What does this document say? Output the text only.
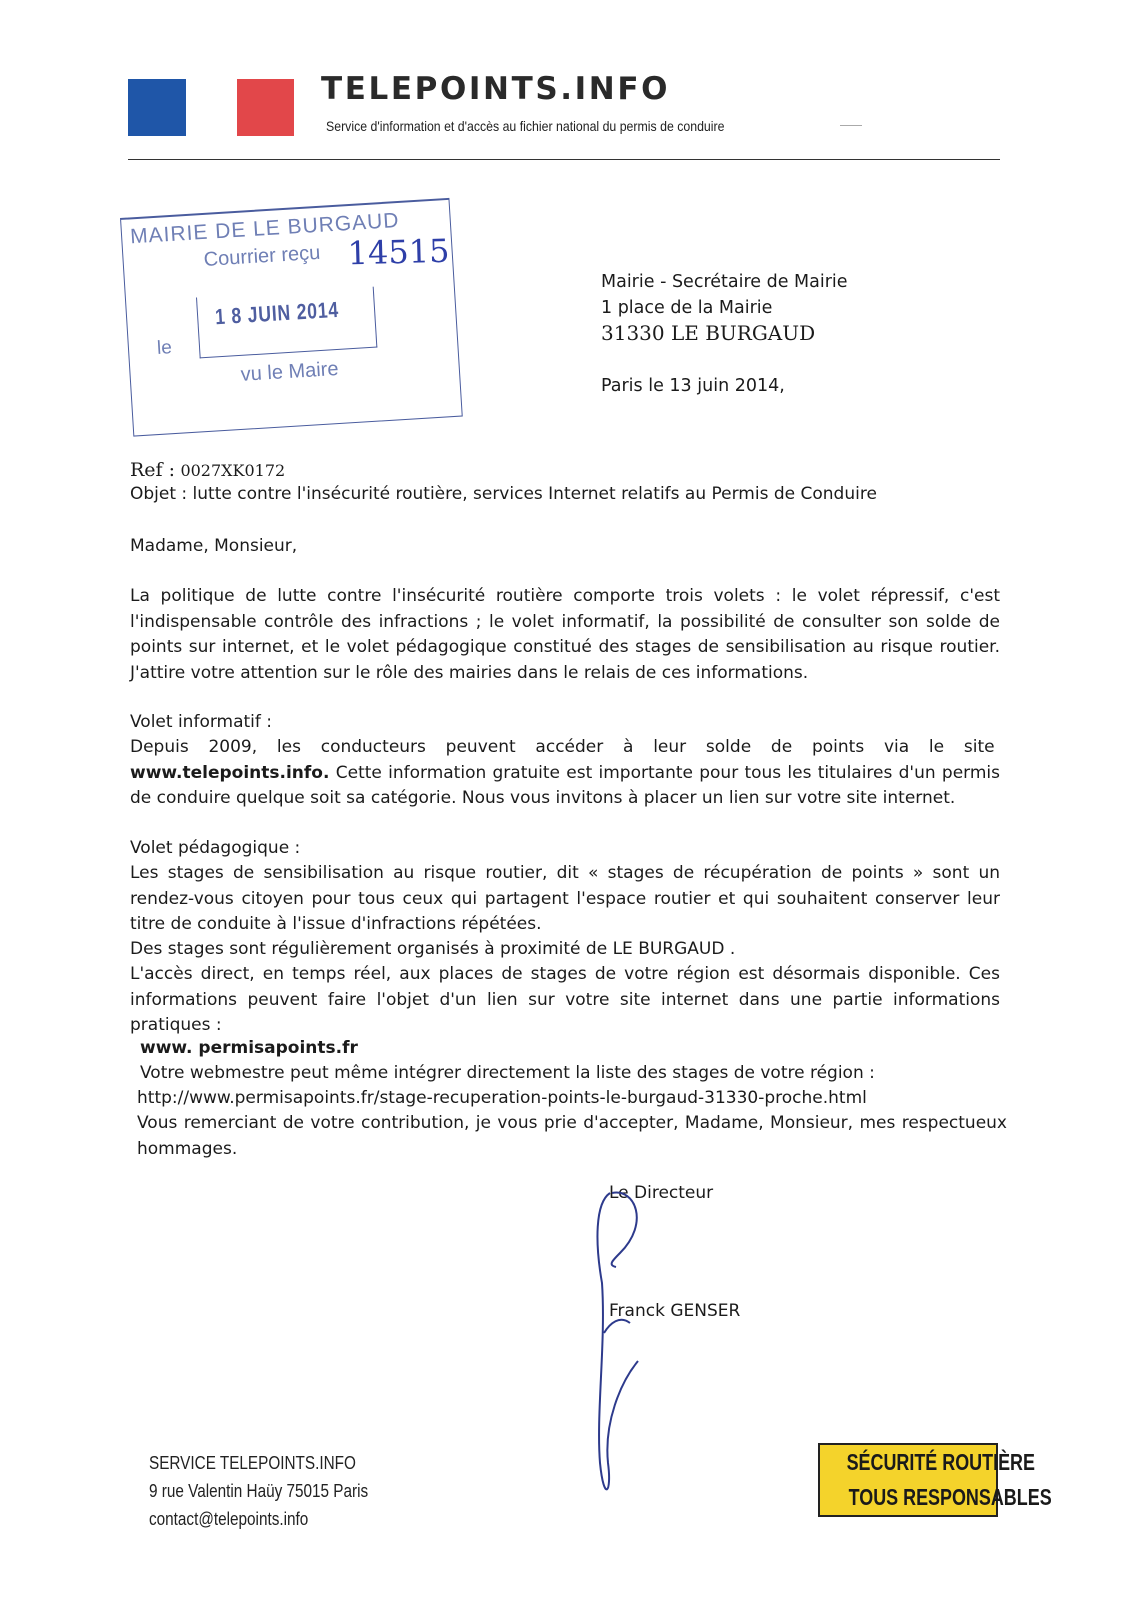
TELEPOINTS.INFO
Service d'information et d'accès au fichier national du permis de conduire
MAIRIE DE LE BURGAUD
Courrier reçu 14515
1 8 JUIN 2014
le
vu le Maire
Mairie - Secrétaire de Mairie
1 place de la Mairie
31330 LE BURGAUD
Paris le 13 juin 2014,
Ref : 0027XK0172
Objet : lutte contre l'insécurité routière, services Internet relatifs au Permis de Conduire
Madame, Monsieur,
La politique de lutte contre l'insécurité routière comporte trois volets : le volet répressif, c'est l'indispensable contrôle des infractions ; le volet informatif, la possibilité de consulter son solde de points sur internet, et le volet pédagogique constitué des stages de sensibilisation au risque routier. J'attire votre attention sur le rôle des mairies dans le relais de ces informations.
Volet informatif :

Depuis 2009, les conducteurs peuvent accéder à leur solde de points via le site  www.telepoints.info. Cette information gratuite est importante pour tous les titulaires d'un permis de conduire quelque soit sa catégorie. Nous vous invitons à placer un lien sur votre site internet.

Volet pédagogique :
Les stages de sensibilisation au risque routier, dit « stages de récupération de points » sont un rendez-vous citoyen pour tous ceux qui partagent l'espace routier et qui souhaitent conserver leur titre de conduite à l'issue d'infractions répétées.
Des stages sont régulièrement organisés à proximité de LE BURGAUD .
L'accès direct, en temps réel, aux places de stages de votre région est désormais disponible. Ces informations peuvent faire l'objet d'un lien sur votre site internet dans une partie informations pratiques :
www. permisapoints.fr
Votre webmestre peut même intégrer directement la liste des stages de votre région :
http://www.permisapoints.fr/stage-recuperation-points-le-burgaud-31330-proche.html
Vous remerciant de votre contribution, je vous prie d'accepter, Madame, Monsieur, mes respectueux hommages.
Le Directeur
Franck GENSER
SERVICE TELEPOINTS.INFO
9 rue Valentin Haüy 75015 Paris
contact@telepoints.info
SÉCURITÉ ROUTIÈRE
TOUS RESPONSABLES
